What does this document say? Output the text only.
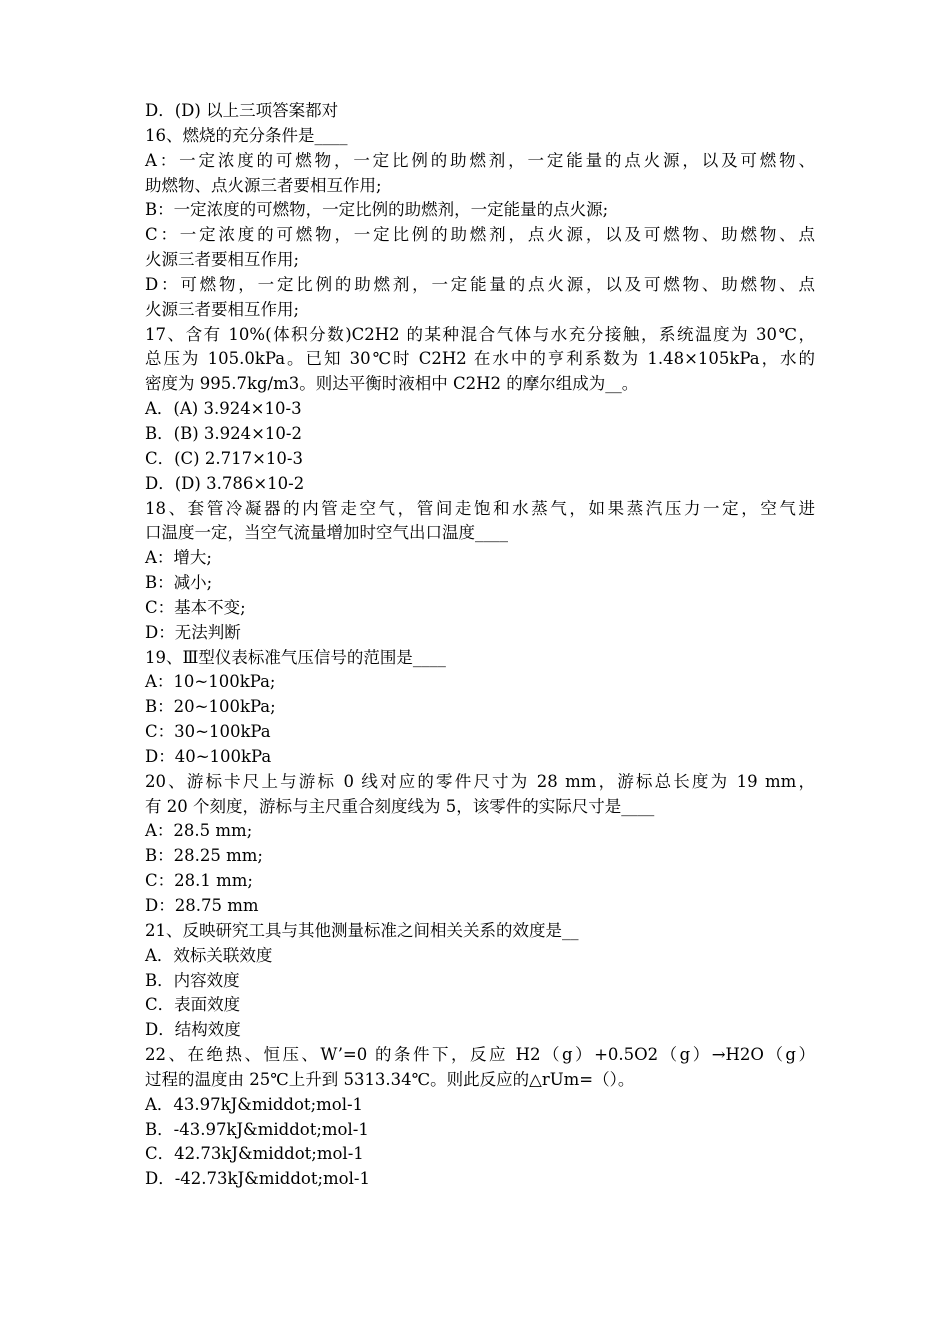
D．(D) 以上三项答案都对
16、燃烧的充分条件是____
A：一定浓度的可燃物，一定比例的助燃剂，一定能量的点火源，以及可燃物、
助燃物、点火源三者要相互作用;
B：一定浓度的可燃物，一定比例的助燃剂，一定能量的点火源;
C：一定浓度的可燃物，一定比例的助燃剂，点火源，以及可燃物、助燃物、点
火源三者要相互作用;
D：可燃物，一定比例的助燃剂，一定能量的点火源，以及可燃物、助燃物、点
火源三者要相互作用;
17、含有 10%(体积分数)C2H2 的某种混合气体与水充分接触，系统温度为 30℃，
总压为 105.0kPa。已知 30℃时 C2H2 在水中的亨利系数为 1.48×105kPa，水的
密度为 995.7kg/m3。则达平衡时液相中 C2H2 的摩尔组成为__。
A．(A) 3.924×10-3
B．(B) 3.924×10-2
C．(C) 2.717×10-3
D．(D) 3.786×10-2
18、套管冷凝器的内管走空气，管间走饱和水蒸气，如果蒸汽压力一定，空气进
口温度一定，当空气流量增加时空气出口温度____
A：增大;
B：减小;
C：基本不变;
D：无法判断
19、Ⅲ型仪表标准气压信号的范围是____
A：10~100kPa;
B：20~100kPa;
C：30~100kPa
D：40~100kPa
20、游标卡尺上与游标 0 线对应的零件尺寸为 28 mm，游标总长度为 19 mm，
有 20 个刻度，游标与主尺重合刻度线为 5，该零件的实际尺寸是____
A：28.5 mm;
B：28.25 mm;
C：28.1 mm;
D：28.75 mm
21、反映研究工具与其他测量标准之间相关关系的效度是__
A．效标关联效度
B．内容效度
C．表面效度
D．结构效度
22、在绝热、恒压、W’=0 的条件下，反应 H2（g）+0.5O2（g）→H2O（g）
过程的温度由 25℃上升到 5313.34℃。则此反应的△rUm=（）。
A．43.97kJ&middot;mol-1
B．-43.97kJ&middot;mol-1
C．42.73kJ&middot;mol-1
D．-42.73kJ&middot;mol-1
